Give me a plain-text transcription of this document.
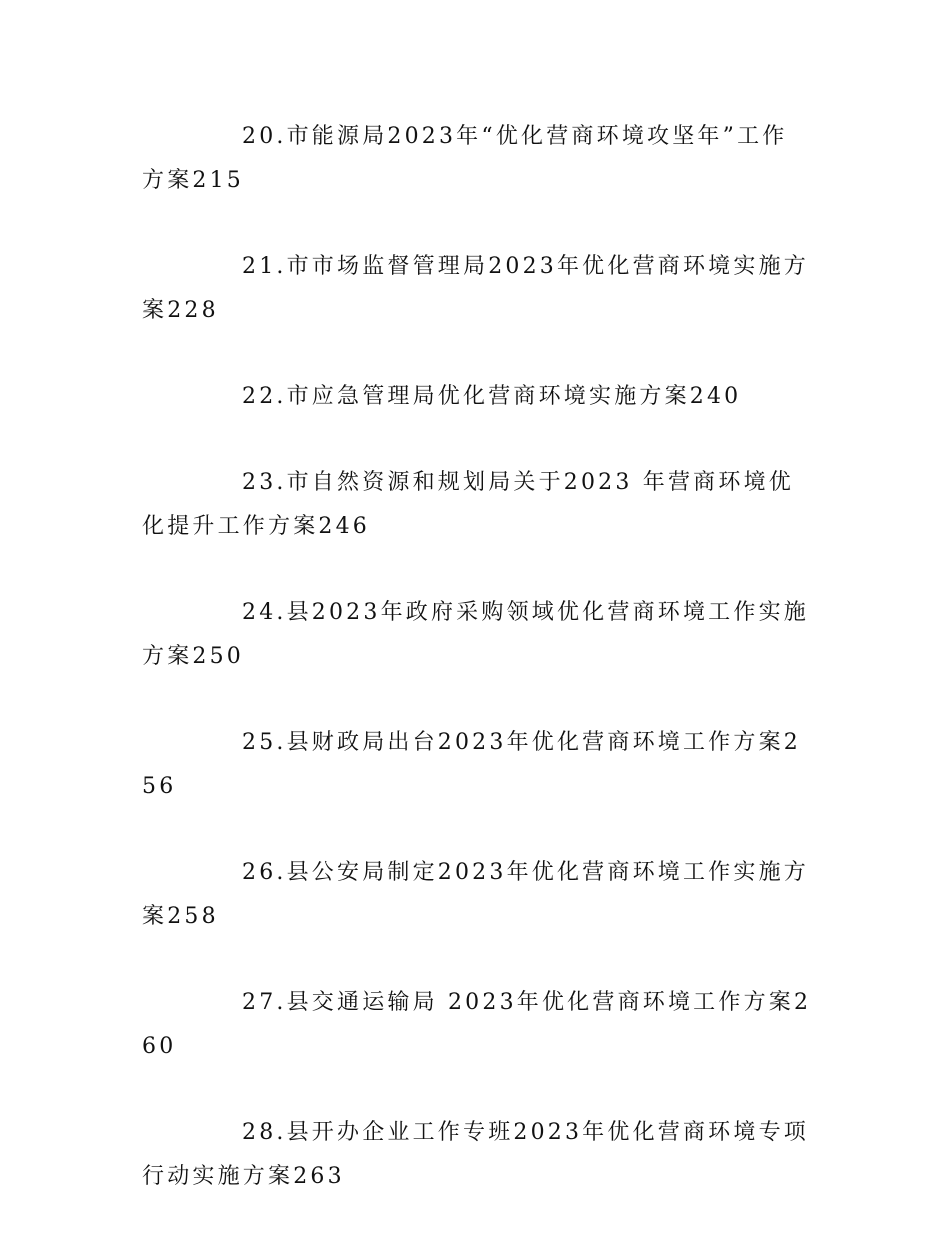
20.市能源局2023年“优化营商环境攻坚年”工作方案215

21.市市场监督管理局2023年优化营商环境实施方案228

22.市应急管理局优化营商环境实施方案240

23.市自然资源和规划局关于2023 年营商环境优化提升工作方案246

24.县2023年政府采购领域优化营商环境工作实施方案250

25.县财政局出台2023年优化营商环境工作方案256

26.县公安局制定2023年优化营商环境工作实施方案258

27.县交通运输局 2023年优化营商环境工作方案260

28.县开办企业工作专班2023年优化营商环境专项行动实施方案263
